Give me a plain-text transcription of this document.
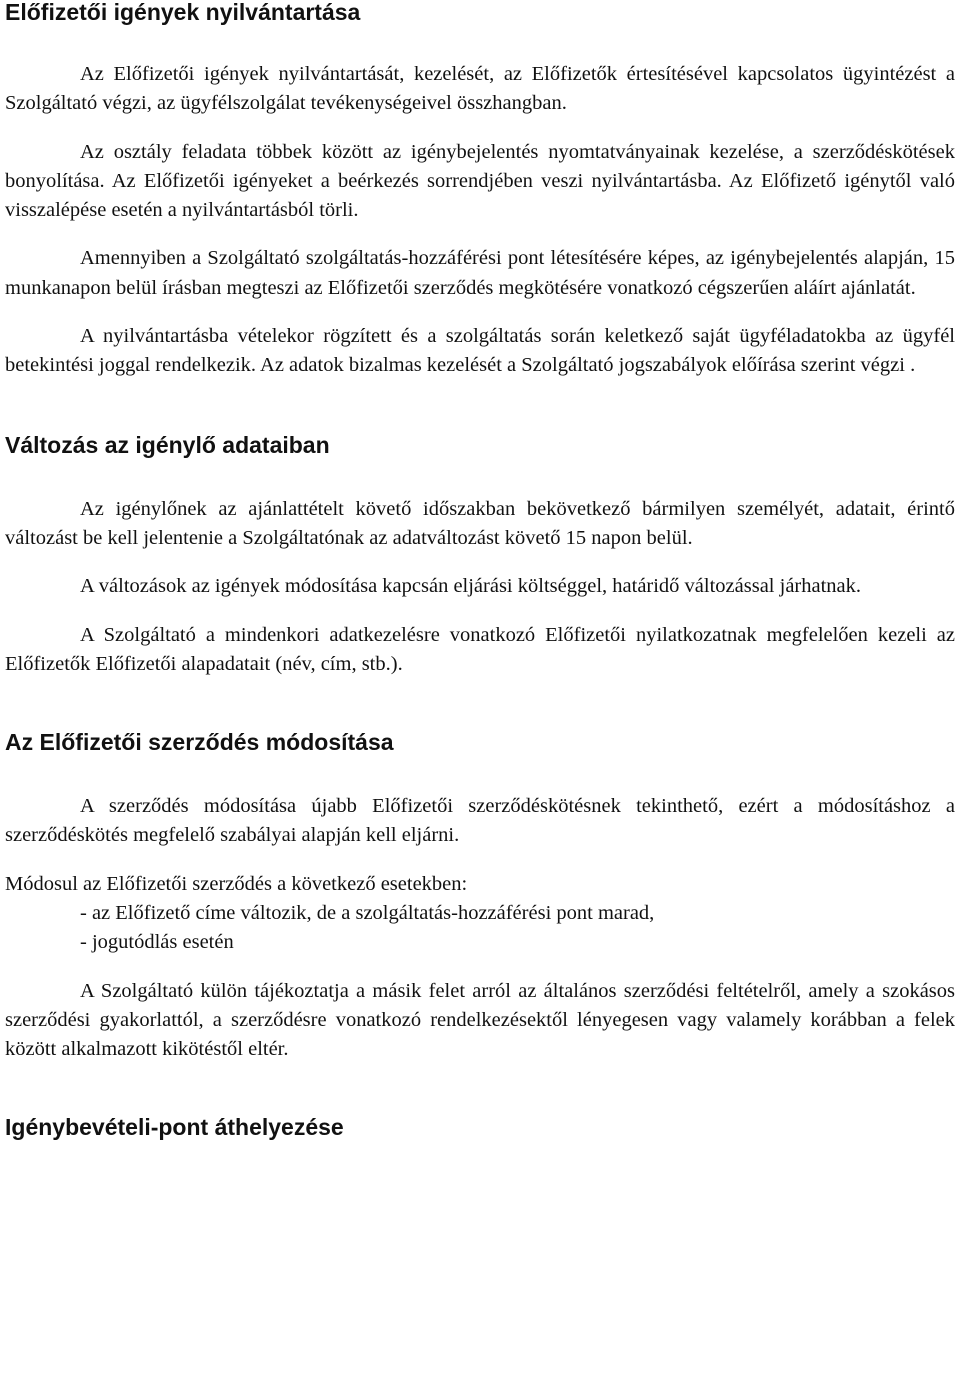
Előfizetői igények nyilvántartása

Az Előfizetői igények nyilvántartását, kezelését, az Előfizetők értesítésével kapcsolatos ügyintézést a Szolgáltató végzi, az ügyfélszolgálat tevékenységeivel összhangban.

Az osztály feladata többek között az igénybejelentés nyomtatványainak kezelése, a szerződéskötések bonyolítása. Az Előfizetői igényeket a beérkezés sorrendjében veszi nyilvántartásba. Az Előfizető igénytől való visszalépése esetén a nyilvántartásból törli.

Amennyiben a Szolgáltató szolgáltatás-hozzáférési pont létesítésére képes, az igénybejelentés alapján, 15 munkanapon belül írásban megteszi az Előfizetői szerződés megkötésére vonatkozó cégszerűen aláírt ajánlatát.

A nyilvántartásba vételekor rögzített és a szolgáltatás során keletkező saját ügyféladatokba az ügyfél betekintési joggal rendelkezik. Az adatok bizalmas kezelését a Szolgáltató jogszabályok előírása szerint végzi .

Változás az igénylő adataiban

Az igénylőnek az ajánlattételt követő időszakban bekövetkező bármilyen személyét, adatait, érintő változást be kell jelentenie a Szolgáltatónak az adatváltozást követő 15 napon belül.

A változások az igények módosítása kapcsán eljárási költséggel, határidő változással járhatnak.

A Szolgáltató a mindenkori adatkezelésre vonatkozó Előfizetői nyilatkozatnak megfelelően kezeli az Előfizetők Előfizetői alapadatait (név, cím, stb.).

Az Előfizetői szerződés módosítása

A szerződés módosítása újabb Előfizetői szerződéskötésnek tekinthető, ezért a módosításhoz a szerződéskötés megfelelő szabályai alapján kell eljárni.

Módosul az Előfizetői szerződés a következő esetekben:
- az Előfizető címe változik, de a szolgáltatás-hozzáférési pont marad,
- jogutódlás esetén

A Szolgáltató külön tájékoztatja a másik felet arról az általános szerződési feltételről, amely a szokásos szerződési gyakorlattól, a szerződésre vonatkozó rendelkezésektől lényegesen vagy valamely korábban a felek között alkalmazott kikötéstől eltér.

Igénybevételi-pont áthelyezése
